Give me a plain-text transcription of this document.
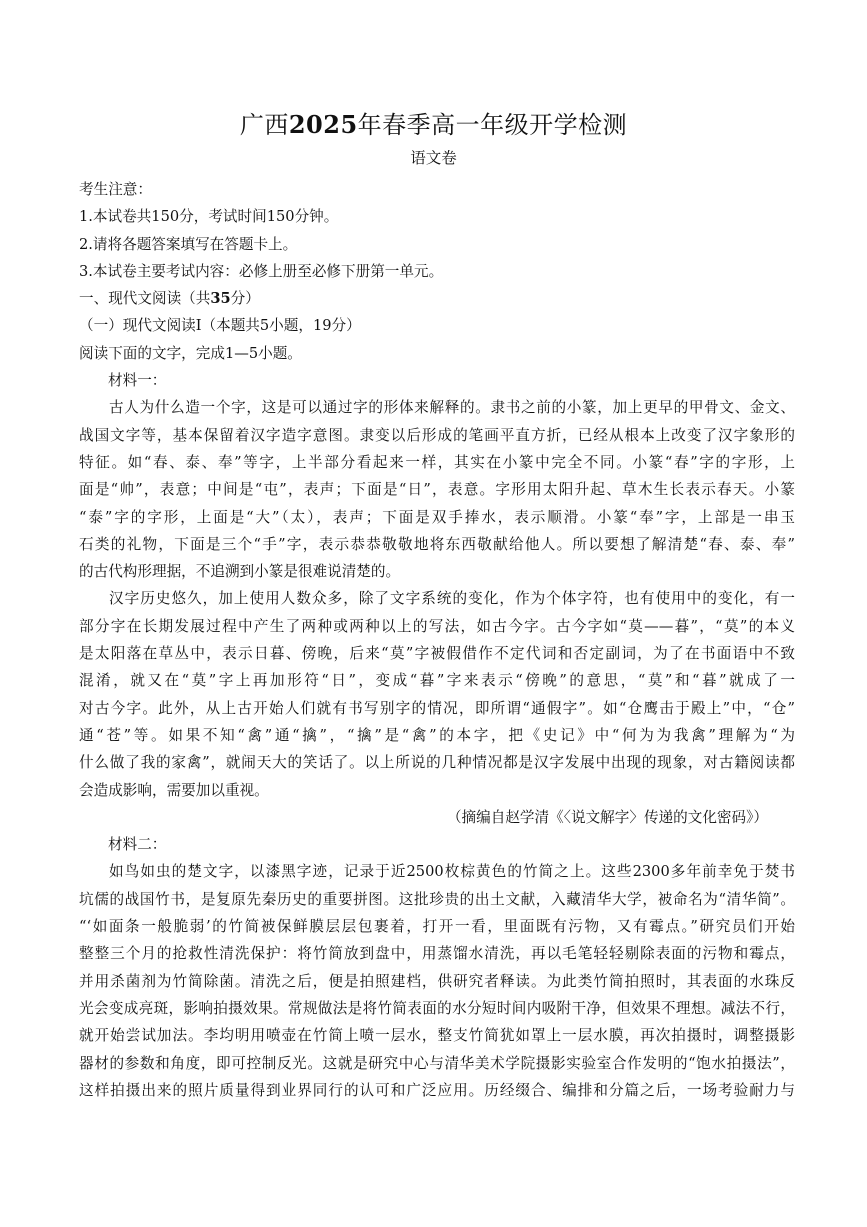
广西2025年春季高一年级开学检测
语文卷
考生注意：
1.本试卷共150分，考试时间150分钟。
2.请将各题答案填写在答题卡上。
3.本试卷主要考试内容：必修上册至必修下册第一单元。
一、现代文阅读（共35分）
（一）现代文阅读Ⅰ（本题共5小题，19分）
阅读下面的文字，完成1—5小题。
材料一：
古人为什么造一个字，这是可以通过字的形体来解释的。隶书之前的小篆，加上更早的甲骨文、金文、
战国文字等，基本保留着汉字造字意图。隶变以后形成的笔画平直方折，已经从根本上改变了汉字象形的
特征。如“春、泰、奉”等字，上半部分看起来一样，其实在小篆中完全不同。小篆“春”字的字形，上
面是“帅”，表意；中间是“屯”，表声；下面是“日”，表意。字形用太阳升起、草木生长表示春天。小篆
“泰”字的字形，上面是“大”（太），表声；下面是双手捧水，表示顺滑。小篆“奉”字，上部是一串玉
石类的礼物，下面是三个“手”字，表示恭恭敬敬地将东西敬献给他人。所以要想了解清楚“春、泰、奉”
的古代构形理据，不追溯到小篆是很难说清楚的。
汉字历史悠久，加上使用人数众多，除了文字系统的变化，作为个体字符，也有使用中的变化，有一
部分字在长期发展过程中产生了两种或两种以上的写法，如古今字。古今字如“莫——暮”，“莫”的本义
是太阳落在草丛中，表示日暮、傍晚，后来“莫”字被假借作不定代词和否定副词，为了在书面语中不致
混淆，就又在“莫”字上再加形符“日”，变成“暮”字来表示“傍晚”的意思，“莫”和“暮”就成了一
对古今字。此外，从上古开始人们就有书写别字的情况，即所谓“通假字”。如“仓鹰击于殿上”中，“仓”
通“苍”等。如果不知“禽”通“擒”，“擒”是“禽”的本字，把《史记》中“何为为我禽”理解为“为
什么做了我的家禽”，就闹天大的笑话了。以上所说的几种情况都是汉字发展中出现的现象，对古籍阅读都
会造成影响，需要加以重视。
（摘编自赵学清《〈说文解字〉传递的文化密码》）
材料二：
如鸟如虫的楚文字，以漆黑字迹，记录于近2500枚棕黄色的竹简之上。这些2300多年前幸免于焚书
坑儒的战国竹书，是复原先秦历史的重要拼图。这批珍贵的出土文献，入藏清华大学，被命名为“清华简”。
“‘如面条一般脆弱’的竹简被保鲜膜层层包裹着，打开一看，里面既有污物，又有霉点。”研究员们开始
整整三个月的抢救性清洗保护：将竹简放到盘中，用蒸馏水清洗，再以毛笔轻轻剔除表面的污物和霉点，
并用杀菌剂为竹简除菌。清洗之后，便是拍照建档，供研究者释读。为此类竹简拍照时，其表面的水珠反
光会变成亮斑，影响拍摄效果。常规做法是将竹简表面的水分短时间内吸附干净，但效果不理想。减法不行，
就开始尝试加法。李均明用喷壶在竹简上喷一层水，整支竹简犹如罩上一层水膜，再次拍摄时，调整摄影
器材的参数和角度，即可控制反光。这就是研究中心与清华美术学院摄影实验室合作发明的“饱水拍摄法”，
这样拍摄出来的照片质量得到业界同行的认可和广泛应用。历经缀合、编排和分篇之后，一场考验耐力与
